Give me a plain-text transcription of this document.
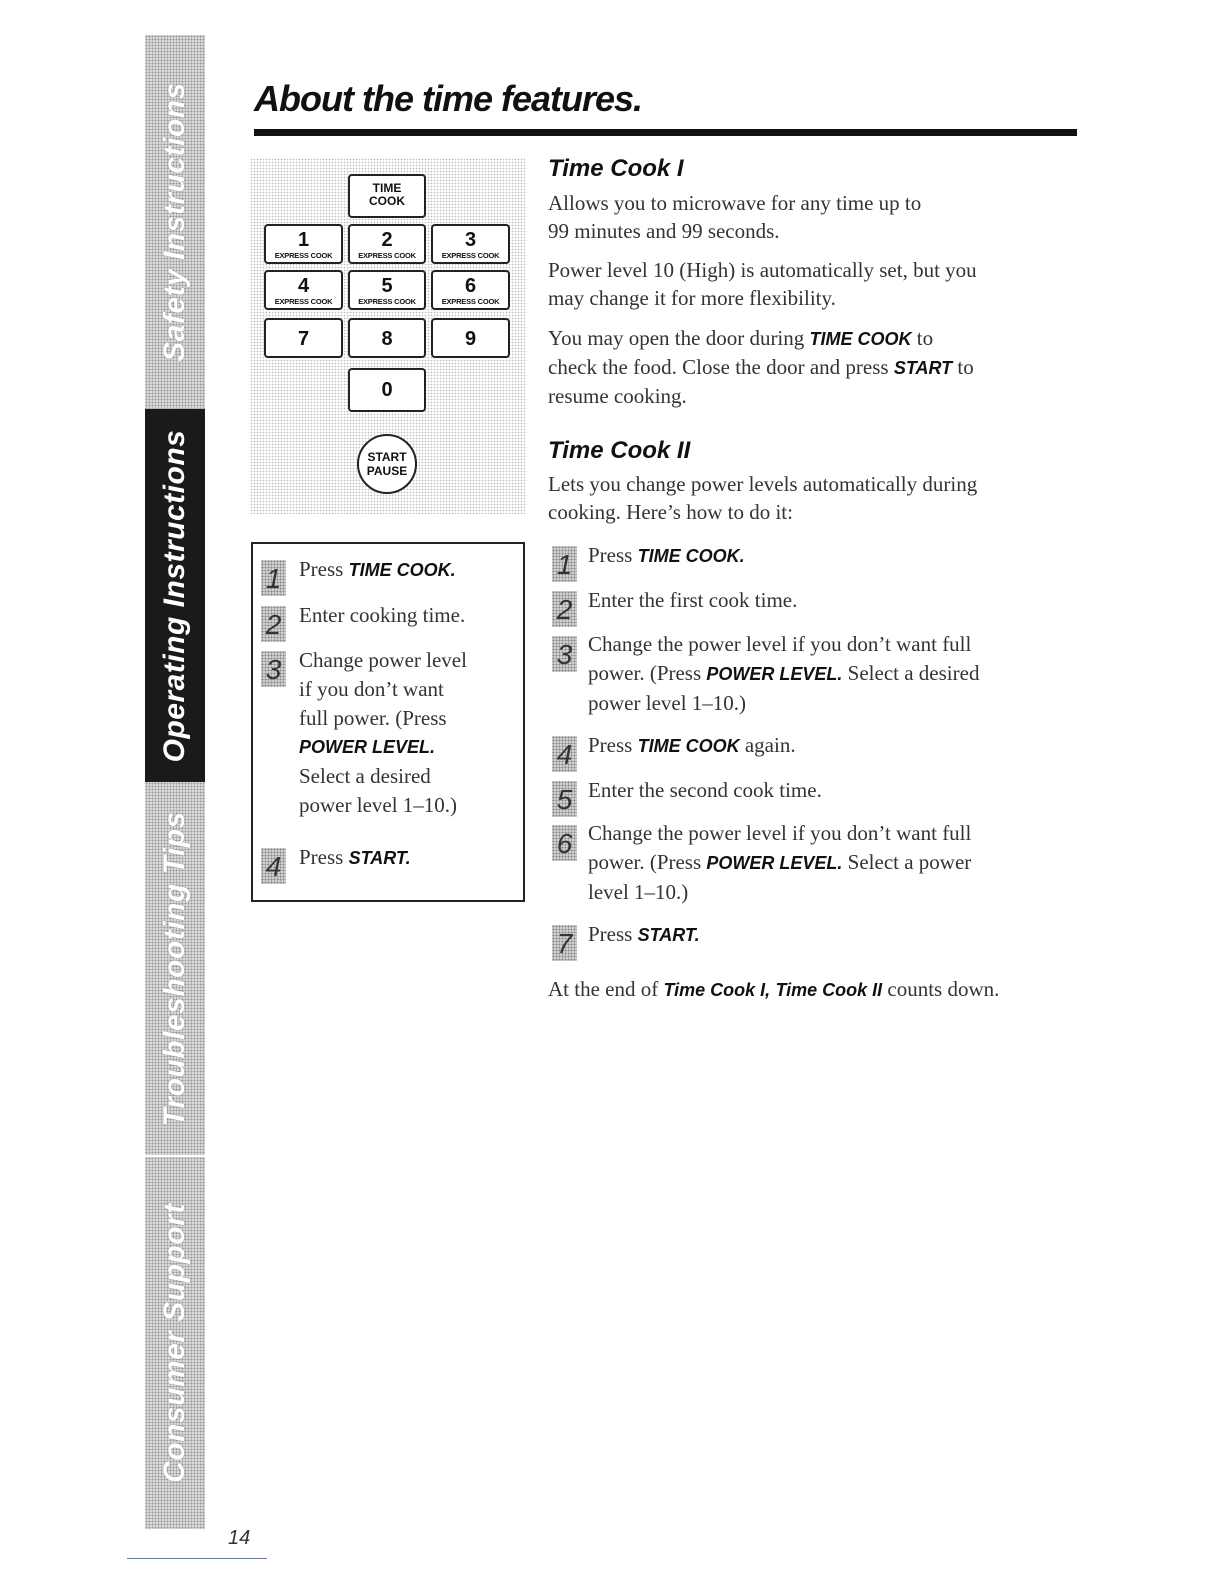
Safety Instructions
Operating Instructions
Troubleshooting Tips
Consumer Support
About the time features.
TIME
COOK
1
EXPRESS COOK
2
EXPRESS COOK
3
EXPRESS COOK
4
EXPRESS COOK
5
EXPRESS COOK
6
EXPRESS COOK
7	8	9
0
START
PAUSE
1 Press TIME COOK.
2 Enter cooking time.
3 Change power level
if you don’t want
full power. (Press
POWER LEVEL.
Select a desired
power level 1–10.)
4 Press START.
Time Cook I
Allows you to microwave for any time up to
99 minutes and 99 seconds.
Power level 10 (High) is automatically set, but you
may change it for more flexibility.
You may open the door during TIME COOK to
check the food. Close the door and press START to
resume cooking.
Time Cook II
Lets you change power levels automatically during
cooking. Here’s how to do it:
1 Press TIME COOK.
2 Enter the first cook time.
3 Change the power level if you don’t want full
power. (Press POWER LEVEL. Select a desired
power level 1–10.)
4 Press TIME COOK again.
5 Enter the second cook time.
6 Change the power level if you don’t want full
power. (Press POWER LEVEL. Select a power
level 1–10.)
7 Press START.
At the end of Time Cook I, Time Cook II counts down.
14
